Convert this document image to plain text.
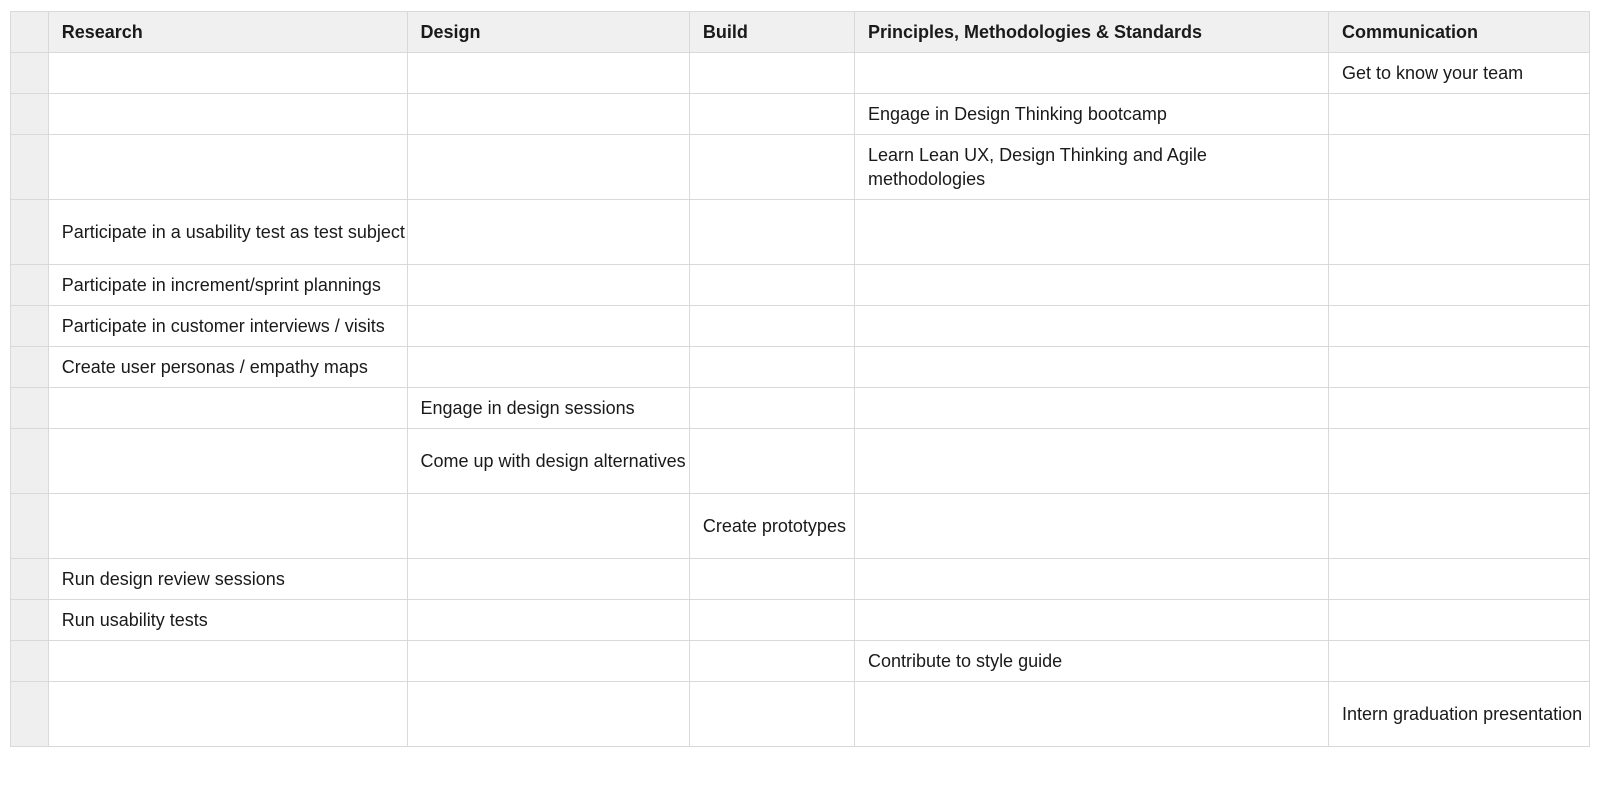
	Research	Design	Build	Principles, Methodologies & Standards	Communication
					Get to know your team
				Engage in Design Thinking bootcamp	
				Learn Lean UX, Design Thinking and Agile methodologies	
	Participate in a usability test as test subject				
	Participate in increment/sprint plannings				
	Participate in customer interviews / visits				
	Create user personas / empathy maps				
		Engage in design sessions			
		Come up with design alternatives			
			Create prototypes		
	Run design review sessions				
	Run usability tests				
				Contribute to style guide	
					Intern graduation presentation
